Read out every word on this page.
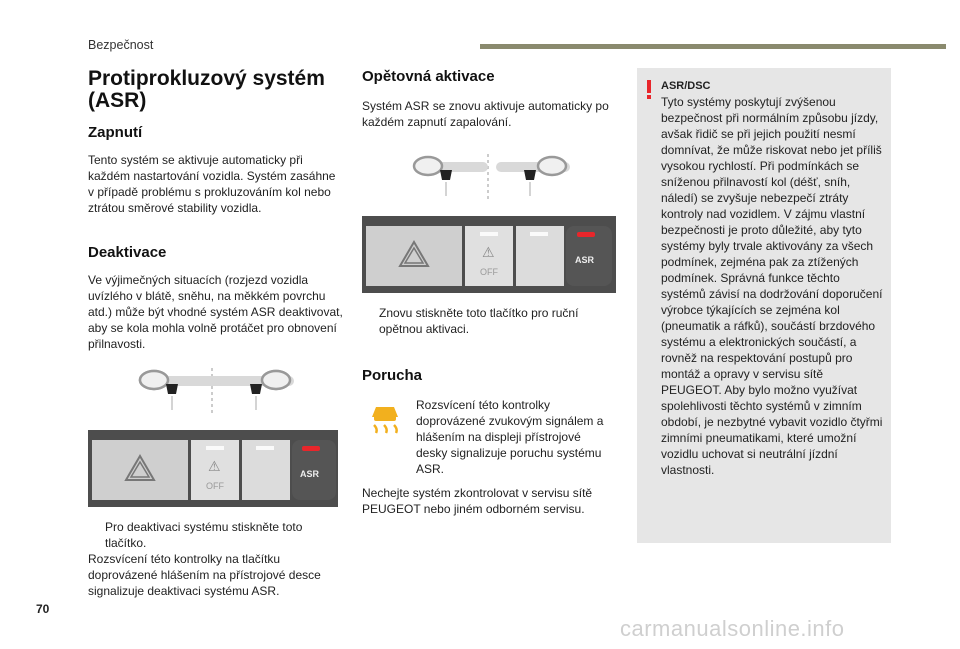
Bezpečnost
Protiprokluzový systém (ASR)
Zapnutí

Tento systém se aktivuje automaticky při každém nastartování vozidla. Systém zasáhne v případě problému s prokluzováním kol nebo ztrátou směrové stability vozidla.

Deaktivace

Ve výjimečných situacích (rozjezd vozidla uvízlého v blátě, sněhu, na měkkém povrchu atd.) může být vhodné systém ASR deaktivovat, aby se kola mohla volně protáčet pro obnovení přilnavosti.

OFF
ASR
⚠
Pro deaktivaci systému stiskněte toto tlačítko.

Rozsvícení této kontrolky na tlačítku doprovázené hlášením na přístrojové desce signalizuje deaktivaci systému ASR.

Opětovná aktivace

Systém ASR se znovu aktivuje automaticky po každém zapnutí zapalování.

OFF
ASR
⚠
Znovu stiskněte toto tlačítko pro ruční opětnou aktivaci.
Porucha

Rozsvícení této kontrolky doprovázené zvukovým signálem a hlášením na displeji přístrojové desky signalizuje poruchu systému ASR.

Nechejte systém zkontrolovat v servisu sítě PEUGEOT nebo jiném odborném servisu.

ASR/DSC
Tyto systémy poskytují zvýšenou bezpečnost při normálním způsobu jízdy, avšak řidič se při jejich použití nesmí domnívat, že může riskovat nebo jet příliš vysokou rychlostí. Při podmínkách se sníženou přilnavostí kol (déšť, sníh, náledí) se zvyšuje nebezpečí ztráty kontroly nad vozidlem. V zájmu vlastní bezpečnosti je proto důležité, aby tyto systémy byly trvale aktivovány za všech podmínek, zejména pak za ztížených podmínek. Správná funkce těchto systémů závisí na dodržování doporučení výrobce týkajících se zejména kol (pneumatik a ráfků), součástí brzdového systému a elektronických součástí, a rovněž na respektování postupů pro montáž a opravy v servisu sítě PEUGEOT. Aby bylo možno využívat spolehlivosti těchto systémů v zimním období, je nezbytné vybavit vozidlo čtyřmi zimními pneumatikami, které umožní vozidlu uchovat si neutrální jízdní vlastnosti.
70
carmanualsonline.info
